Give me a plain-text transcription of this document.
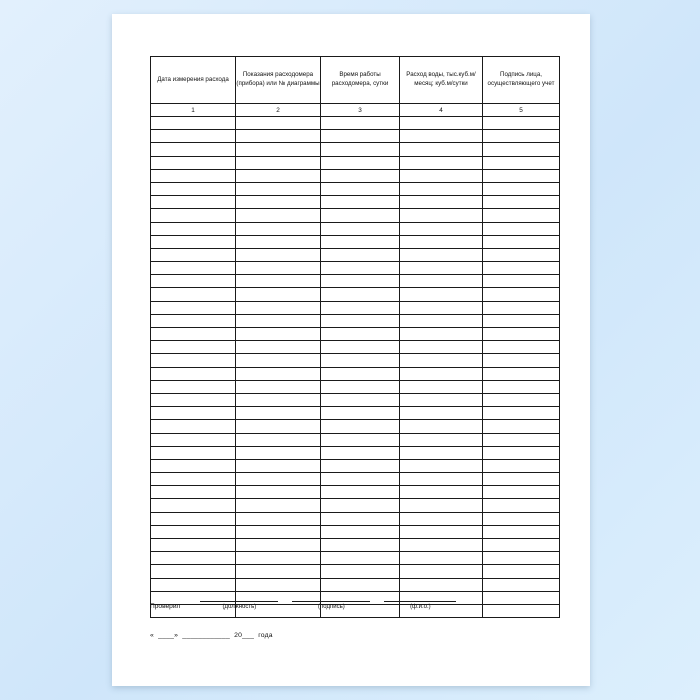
Дата измерения расхода	Показания расходомера (прибора) или № диаграммы	Время работы расходомера, сутки	Расход воды, тыс.куб.м/месяц; куб.м/сутки	Подпись лица, осуществляющего учет
1	2	3	4	5

Проверил	(должность)	(подпись)	(ф.и.о.)
«  ____»  ____________  20___  года
